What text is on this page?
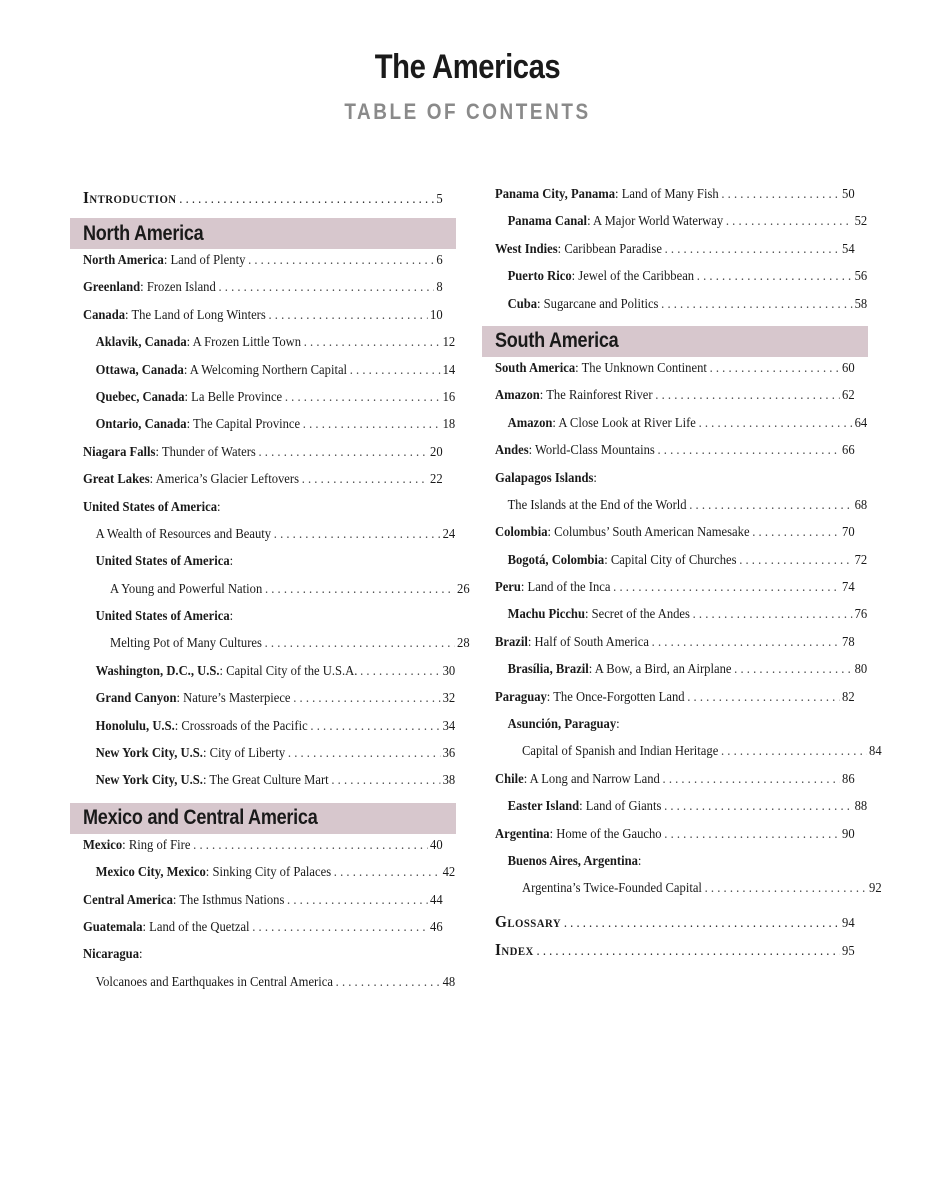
The Americas
TABLE OF CONTENTS
Introduction . . .	5
North America
North America : Land of Plenty . . .	6
Greenland : Frozen Island . . .	8
Canada : The Land of Long Winters . . .	10
Aklavik, Canada : A Frozen Little Town . . .	12
Ottawa, Canada : A Welcoming Northern Capital . . .	14
Quebec, Canada : La Belle Province . . .	16
Ontario, Canada : The Capital Province . . .	18
Niagara Falls : Thunder of Waters . . .	20
Great Lakes : America’s Glacier Leftovers . . .	22
United States of America :
A Wealth of Resources and Beauty . . .	24
United States of America :
A Young and Powerful Nation . . .	26
United States of America :
Melting Pot of Many Cultures . . .	28
Washington, D.C., U.S. : Capital City of the U.S.A. . . .	30
Grand Canyon : Nature’s Masterpiece . . .	32
Honolulu, U.S. : Crossroads of the Pacific . . .	34
New York City, U.S. : City of Liberty . . .	36
New York City, U.S. : The Great Culture Mart . . .	38
Mexico and Central America
Mexico : Ring of Fire . . .	40
Mexico City, Mexico : Sinking City of Palaces . . .	42
Central America : The Isthmus Nations . . .	44
Guatemala : Land of the Quetzal . . .	46
Nicaragua :
Volcanoes and Earthquakes in Central America . . .	48
Panama City, Panama : Land of Many Fish . . .	50
Panama Canal : A Major World Waterway . . .	52
West Indies : Caribbean Paradise . . .	54
Puerto Rico : Jewel of the Caribbean . . .	56
Cuba : Sugarcane and Politics . . .	58
South America
South America : The Unknown Continent . . .	60
Amazon : The Rainforest River . . .	62
Amazon : A Close Look at River Life . . .	64
Andes : World-Class Mountains . . .	66
Galapagos Islands :
The Islands at the End of the World . . .	68
Colombia : Columbus’ South American Namesake . . .	70
Bogotá, Colombia : Capital City of Churches . . .	72
Peru : Land of the Inca . . .	74
Machu Picchu : Secret of the Andes . . .	76
Brazil : Half of South America . . .	78
Brasília, Brazil : A Bow, a Bird, an Airplane . . .	80
Paraguay : The Once-Forgotten Land . . .	82
Asunción, Paraguay :
Capital of Spanish and Indian Heritage . . .	84
Chile : A Long and Narrow Land . . .	86
Easter Island : Land of Giants . . .	88
Argentina : Home of the Gaucho . . .	90
Buenos Aires, Argentina :
Argentina’s Twice-Founded Capital . . .	92
Glossary . . .	94
Index . . .	95
